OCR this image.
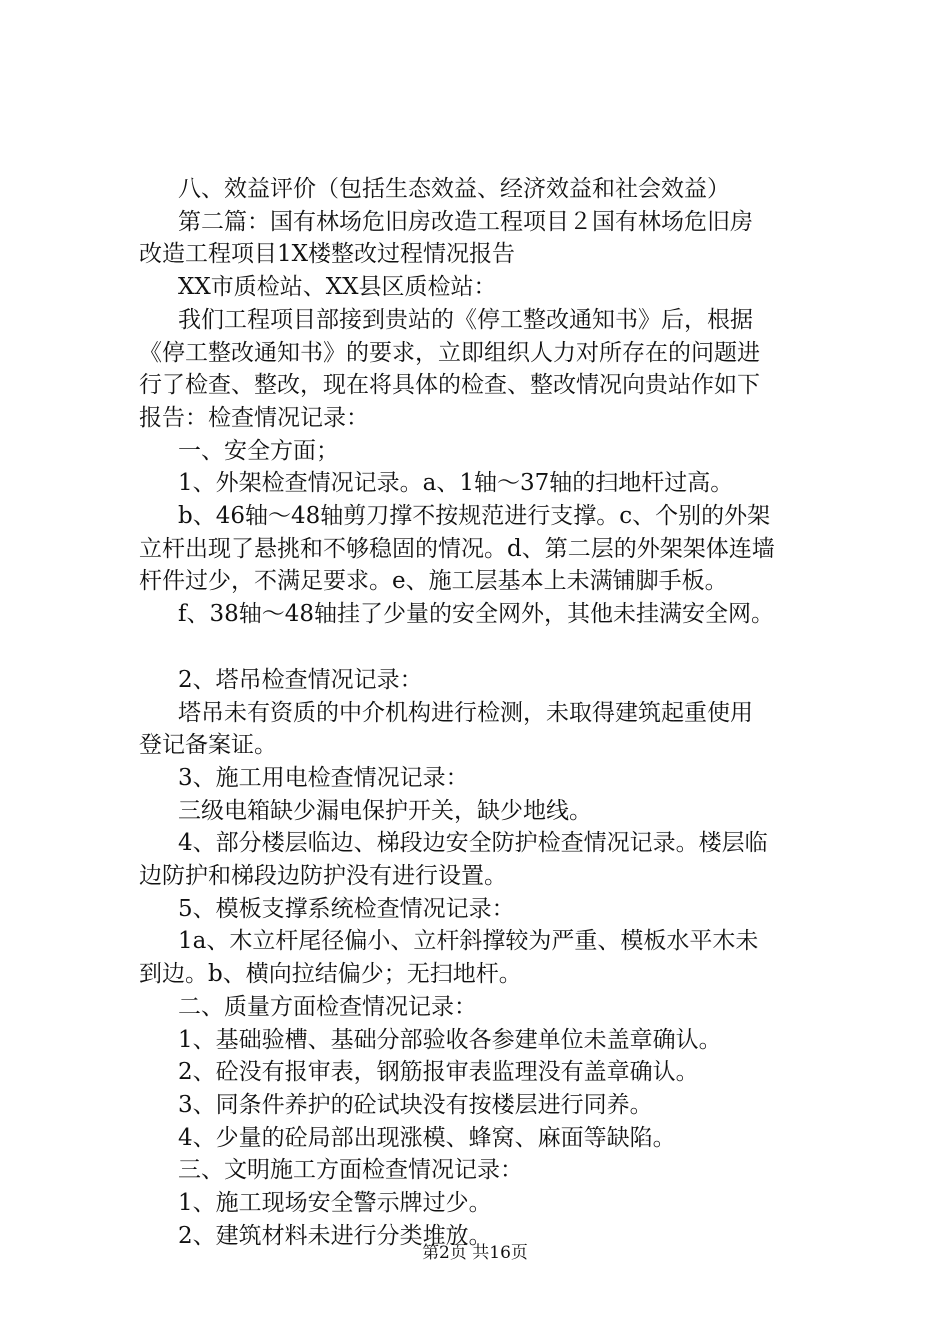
八、效益评价（包括生态效益、经济效益和社会效益）

第二篇：国有林场危旧房改造工程项目２国有林场危旧房

改造工程项目1X楼整改过程情况报告

XX市质检站、XX县区质检站：

我们工程项目部接到贵站的《停工整改通知书》后，根据

《停工整改通知书》的要求，立即组织人力对所存在的问题进

行了检查、整改，现在将具体的检查、整改情况向贵站作如下

报告：检查情况记录：

一、安全方面；

1、外架检查情况记录。a、1轴～37轴的扫地杆过高。

b、46轴～48轴剪刀撑不按规范进行支撑。c、个别的外架

立杆出现了悬挑和不够稳固的情况。d、第二层的外架架体连墙

杆件过少，不满足要求。e、施工层基本上未满铺脚手板。

f、38轴～48轴挂了少量的安全网外，其他未挂满安全网。

2、塔吊检查情况记录：

塔吊未有资质的中介机构进行检测，未取得建筑起重使用

登记备案证。

3、施工用电检查情况记录：

三级电箱缺少漏电保护开关，缺少地线。

4、部分楼层临边、梯段边安全防护检查情况记录。楼层临

边防护和梯段边防护没有进行设置。

5、模板支撑系统检查情况记录：

1a、木立杆尾径偏小、立杆斜撑较为严重、模板水平木未

到边。b、横向拉结偏少；无扫地杆。

二、质量方面检查情况记录：

1、基础验槽、基础分部验收各参建单位未盖章确认。

2、砼没有报审表，钢筋报审表监理没有盖章确认。

3、同条件养护的砼试块没有按楼层进行同养。

4、少量的砼局部出现涨模、蜂窝、麻面等缺陷。

三、文明施工方面检查情况记录：

1、施工现场安全警示牌过少。

2、建筑材料未进行分类堆放。

第2页 共16页
